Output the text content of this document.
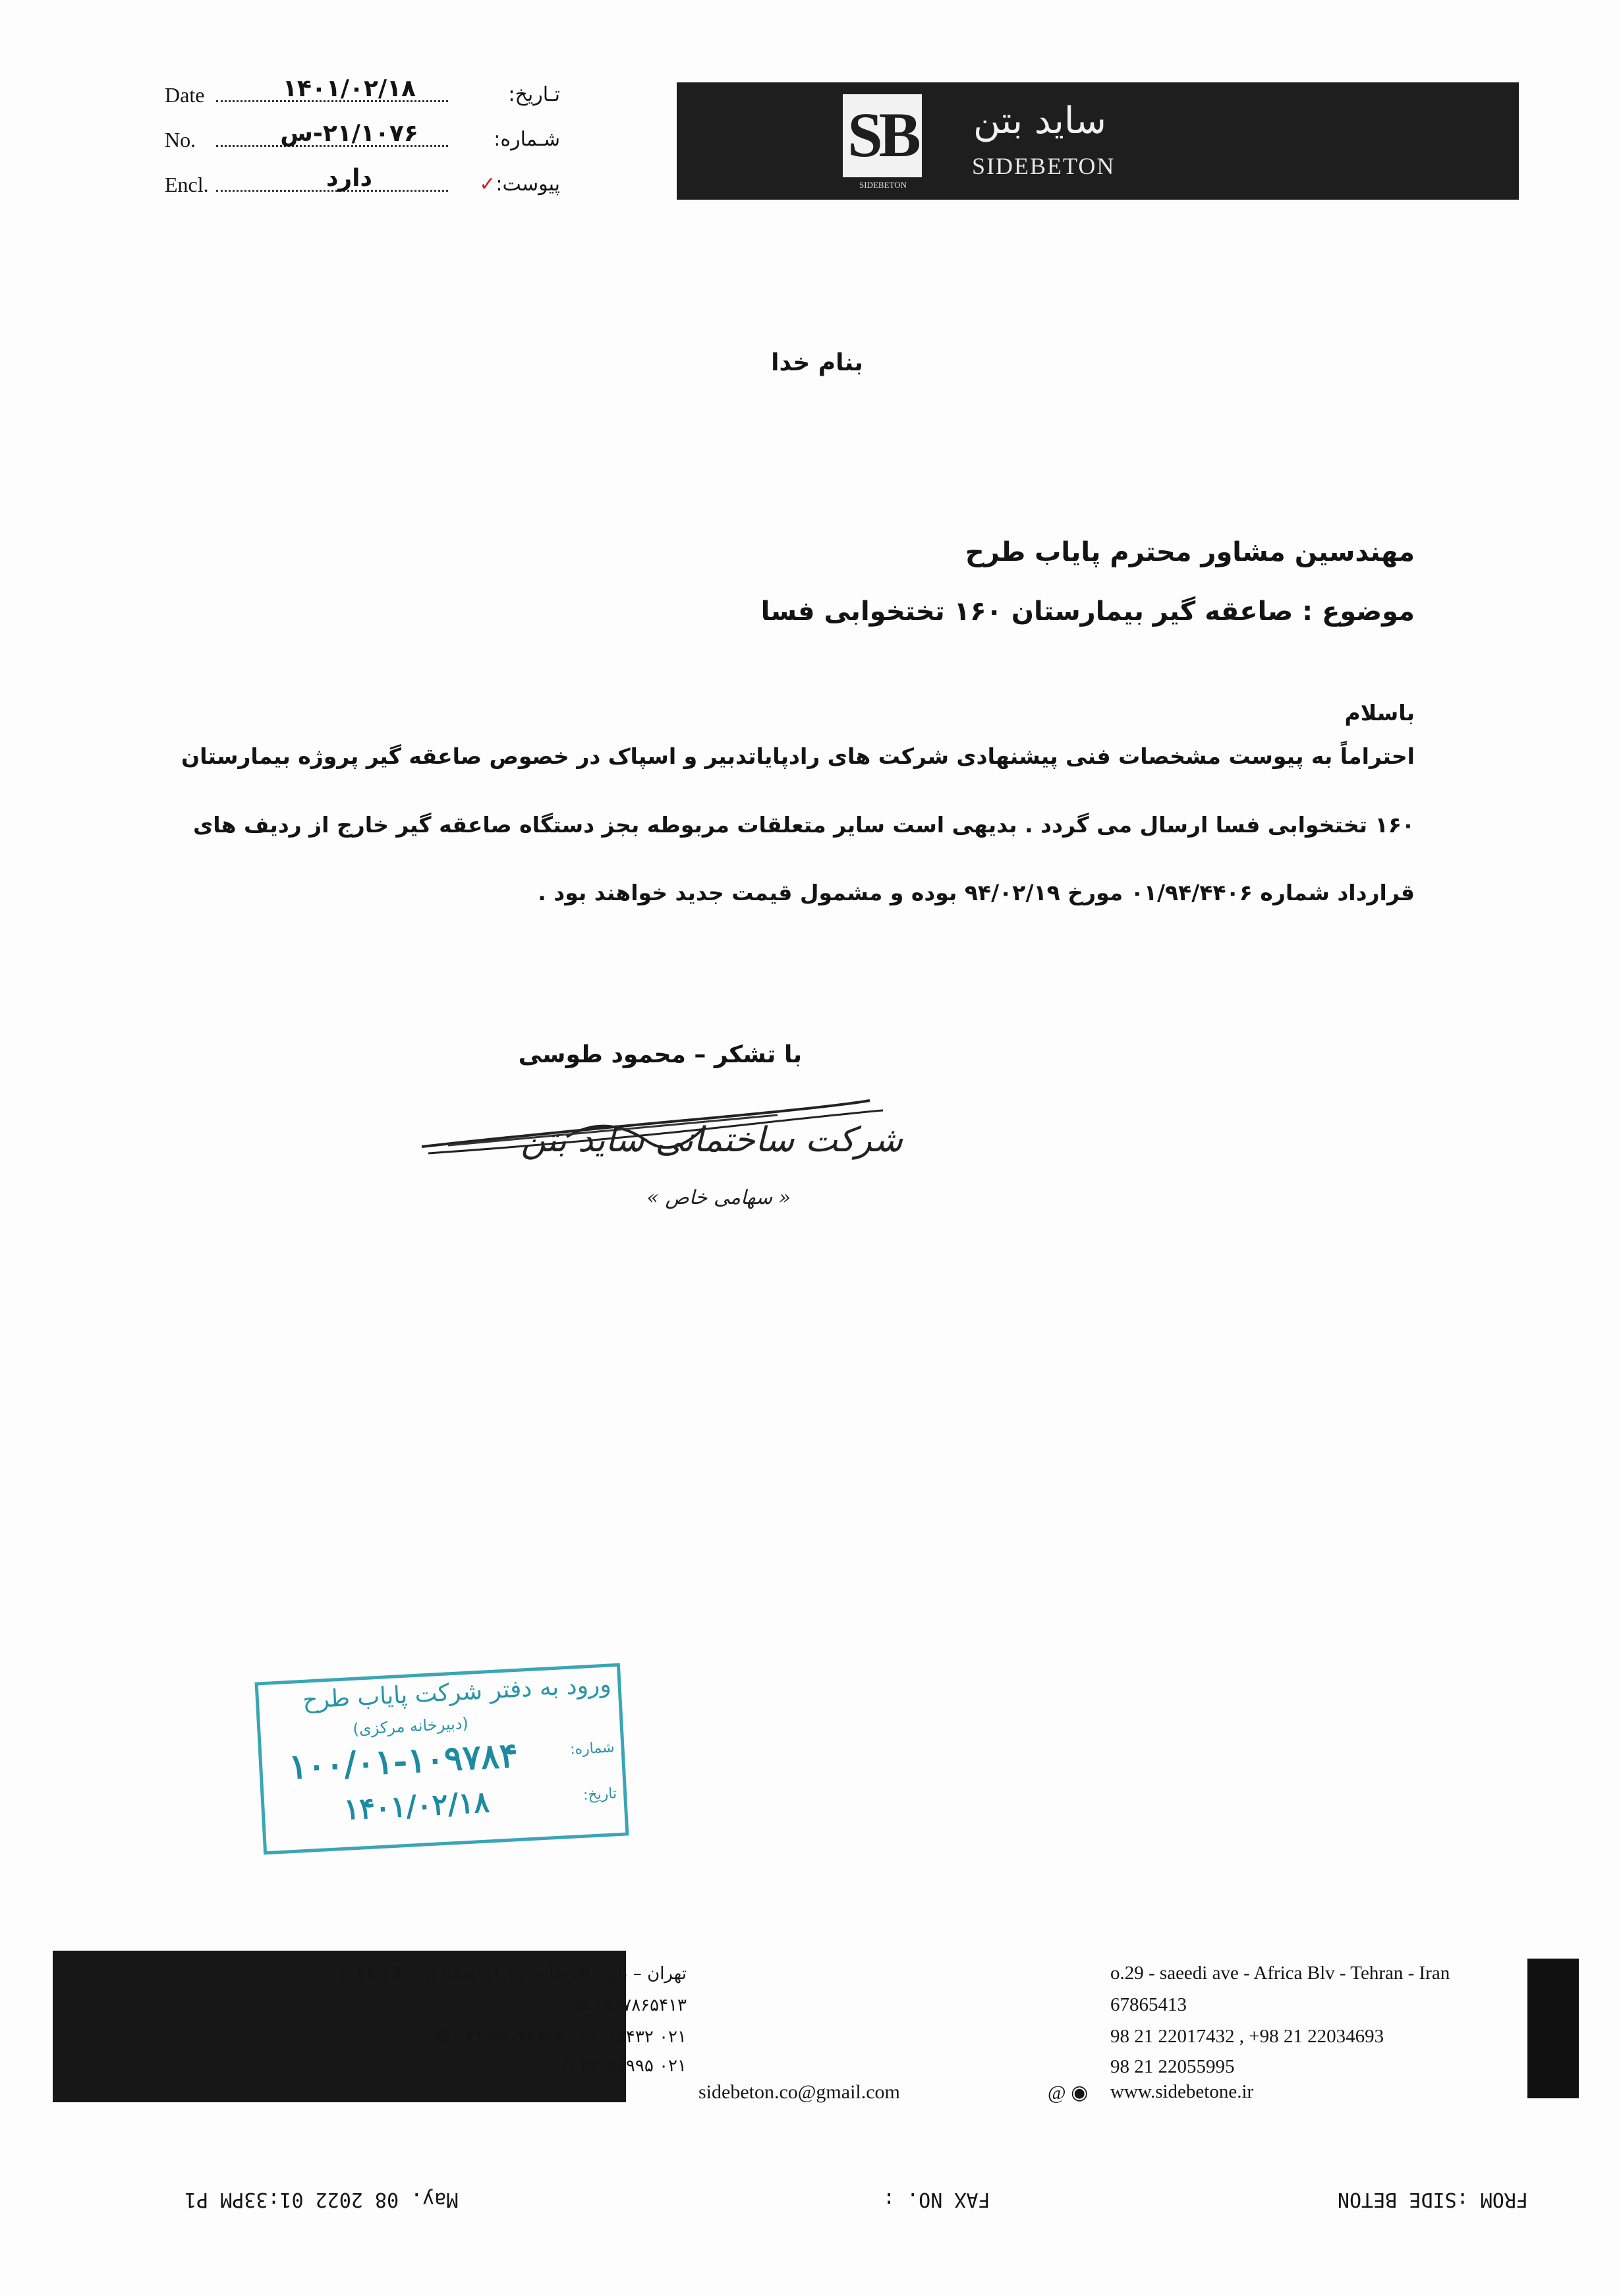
Date	۱۴۰۱/۰۲/۱۸	تـاریخ:
No.	۲۱/۱۰۷۶-س	شـماره:
Encl.	دارد	پیوست:✓
SB
SIDEBETON
ساید بتن
SIDEBETON
بنام خدا
مهندسین مشاور محترم پایاب طرح
موضوع : صاعقه گیر بیمارستان ۱۶۰ تختخوابی فسا
باسلام
احتراماً به پیوست مشخصات فنی پیشنهادی شرکت های رادپایاتدبیر و اسپاک در خصوص صاعقه گیر پروژه بیمارستان
۱۶۰ تختخوابی فسا ارسال می گردد . بدیهی است سایر متعلقات مربوطه بجز دستگاه صاعقه گیر خارج از ردیف های
قرارداد شماره ۰۱/۹۴/۴۴۰۶ مورخ ۹۴/۰۲/۱۹ بوده و مشمول قیمت جدید خواهند بود .
با تشکر – محمود طوسی
شرکت ساختمانی ساید بتن
« سهامی خاص »
ورود به دفتر شرکت پایاب طرح
(دبیرخانه مرکزی)
شماره:
۱۰۰/۰۱-۱۰۹۷۸۴
تاریخ:
۱۴۰۱/۰۲/۱۸
تهران – بلوار آفریقا – خیابـان سعیدی – پلاک۲۹ ⌂	o.29 - saeedi ave - Africa Blv - Tehran - Iran
۱۹۶۷۸۶۵۴۱۳ ✉	67865413
۰۲۱ ۲۲۰۱۷۴۳۲ , ۰۲۱-۲۲۰۳۴۶۹۳ ☎	98 21 22017432 , +98 21 22034693
۰۲۱ ۲۲۰۵۵۹۹۵ ⎙	98 21 22055995
sidebeton.co@gmail.com	@ ◉ www.sidebetone.ir
FROM :SIDE BETON
FAX NO. :
May. 08 2022 01:33PM P1
